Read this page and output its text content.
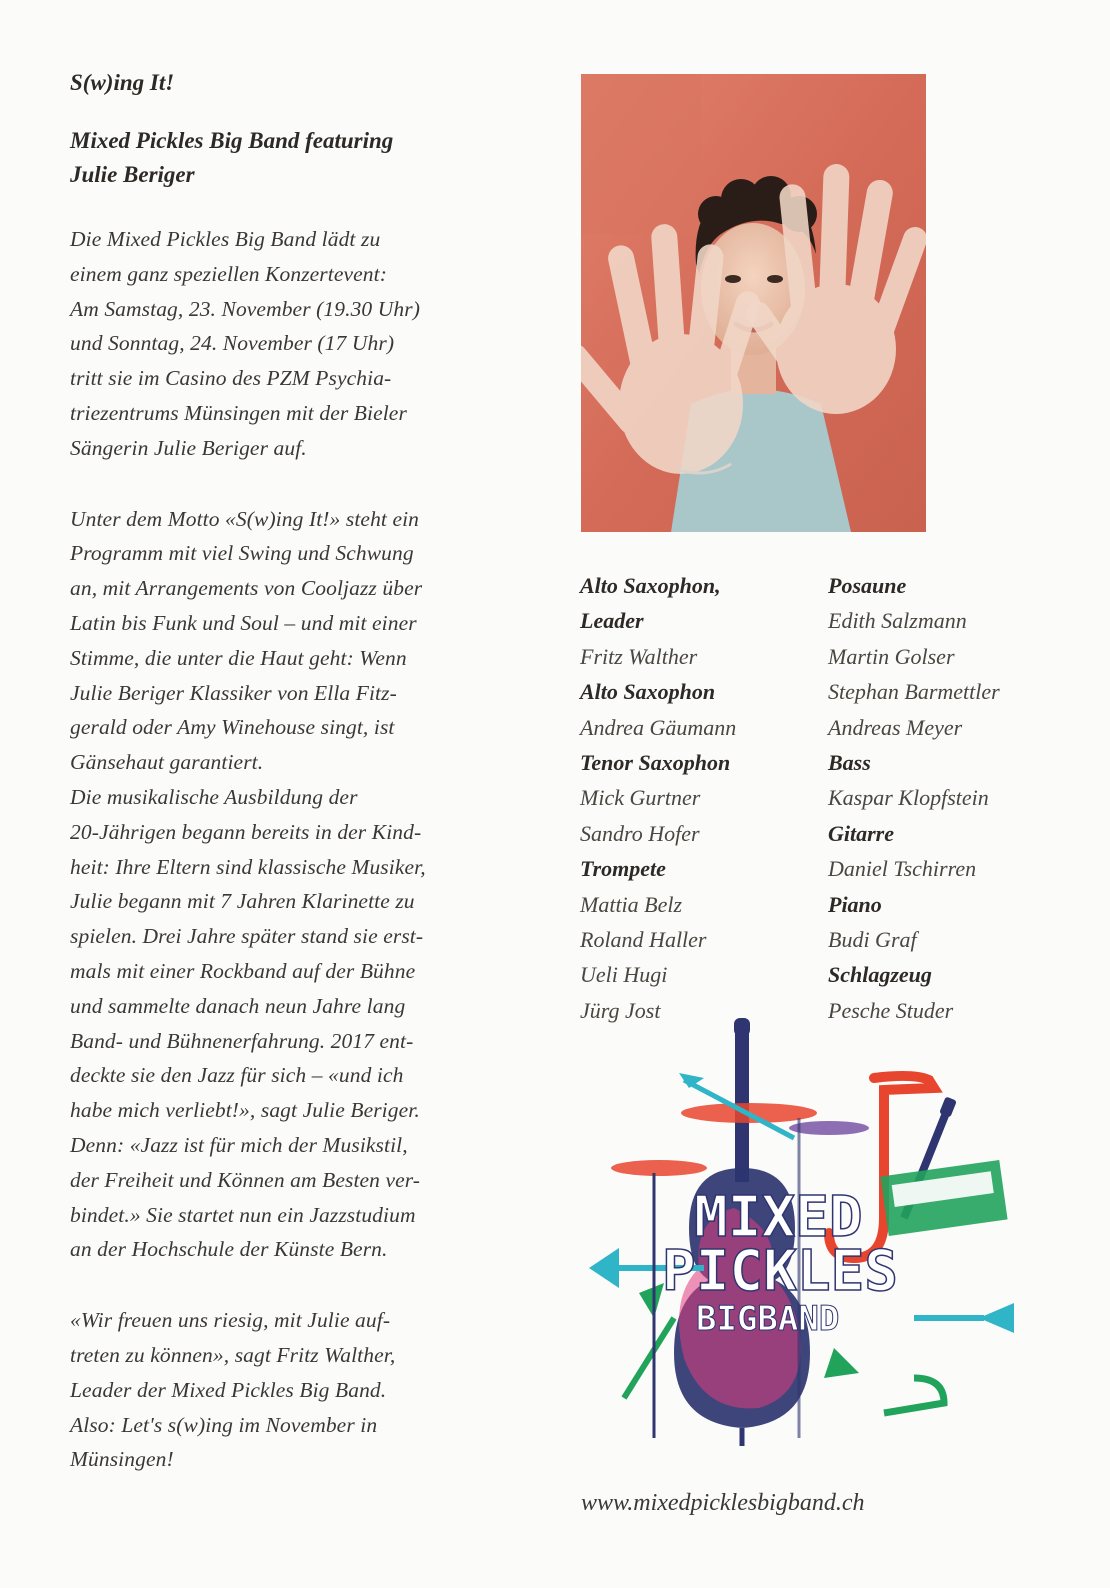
S(w)ing It!

Mixed Pickles Big Band featuring
Julie Beriger

Die Mixed Pickles Big Band lädt zu
einem ganz speziellen Konzertevent:
Am Samstag, 23. November (19.30 Uhr)
und Sonntag, 24. November (17 Uhr)
tritt sie im Casino des PZM Psychia-
triezentrums Münsingen mit der Bieler
Sängerin Julie Beriger auf.

Unter dem Motto «S(w)ing It!» steht ein
Programm mit viel Swing und Schwung
an, mit Arrangements von Cooljazz über
Latin bis Funk und Soul – und mit einer
Stimme, die unter die Haut geht: Wenn
Julie Beriger Klassiker von Ella Fitz-
gerald oder Amy Winehouse singt, ist
Gänsehaut garantiert.
Die musikalische Ausbildung der
20-Jährigen begann bereits in der Kind-
heit: Ihre Eltern sind klassische Musiker,
Julie begann mit 7 Jahren Klarinette zu
spielen. Drei Jahre später stand sie erst-
mals mit einer Rockband auf der Bühne
und sammelte danach neun Jahre lang
Band- und Bühnenerfahrung. 2017 ent-
deckte sie den Jazz für sich – «und ich
habe mich verliebt!», sagt Julie Beriger.
Denn: «Jazz ist für mich der Musikstil,
der Freiheit und Können am Besten ver-
bindet.» Sie startet nun ein Jazzstudium
an der Hochschule der Künste Bern.

«Wir freuen uns riesig, mit Julie auf-
treten zu können», sagt Fritz Walther,
Leader der Mixed Pickles Big Band.
Also: Let's s(w)ing im November in
Münsingen!

Alto Saxophon,
Leader
Fritz Walther
Alto Saxophon
Andrea Gäumann
Tenor Saxophon
Mick Gurtner
Sandro Hofer
Trompete
Mattia Belz
Roland Haller
Ueli Hugi
Jürg Jost
Posaune
Edith Salzmann
Martin Golser
Stephan Barmettler
Andreas Meyer
Bass
Kaspar Klopfstein
Gitarre
Daniel Tschirren
Piano
Budi Graf
Schlagzeug
Pesche Studer
MIXED
PICKLES
BIGBAND
www.mixedpicklesbigband.ch
